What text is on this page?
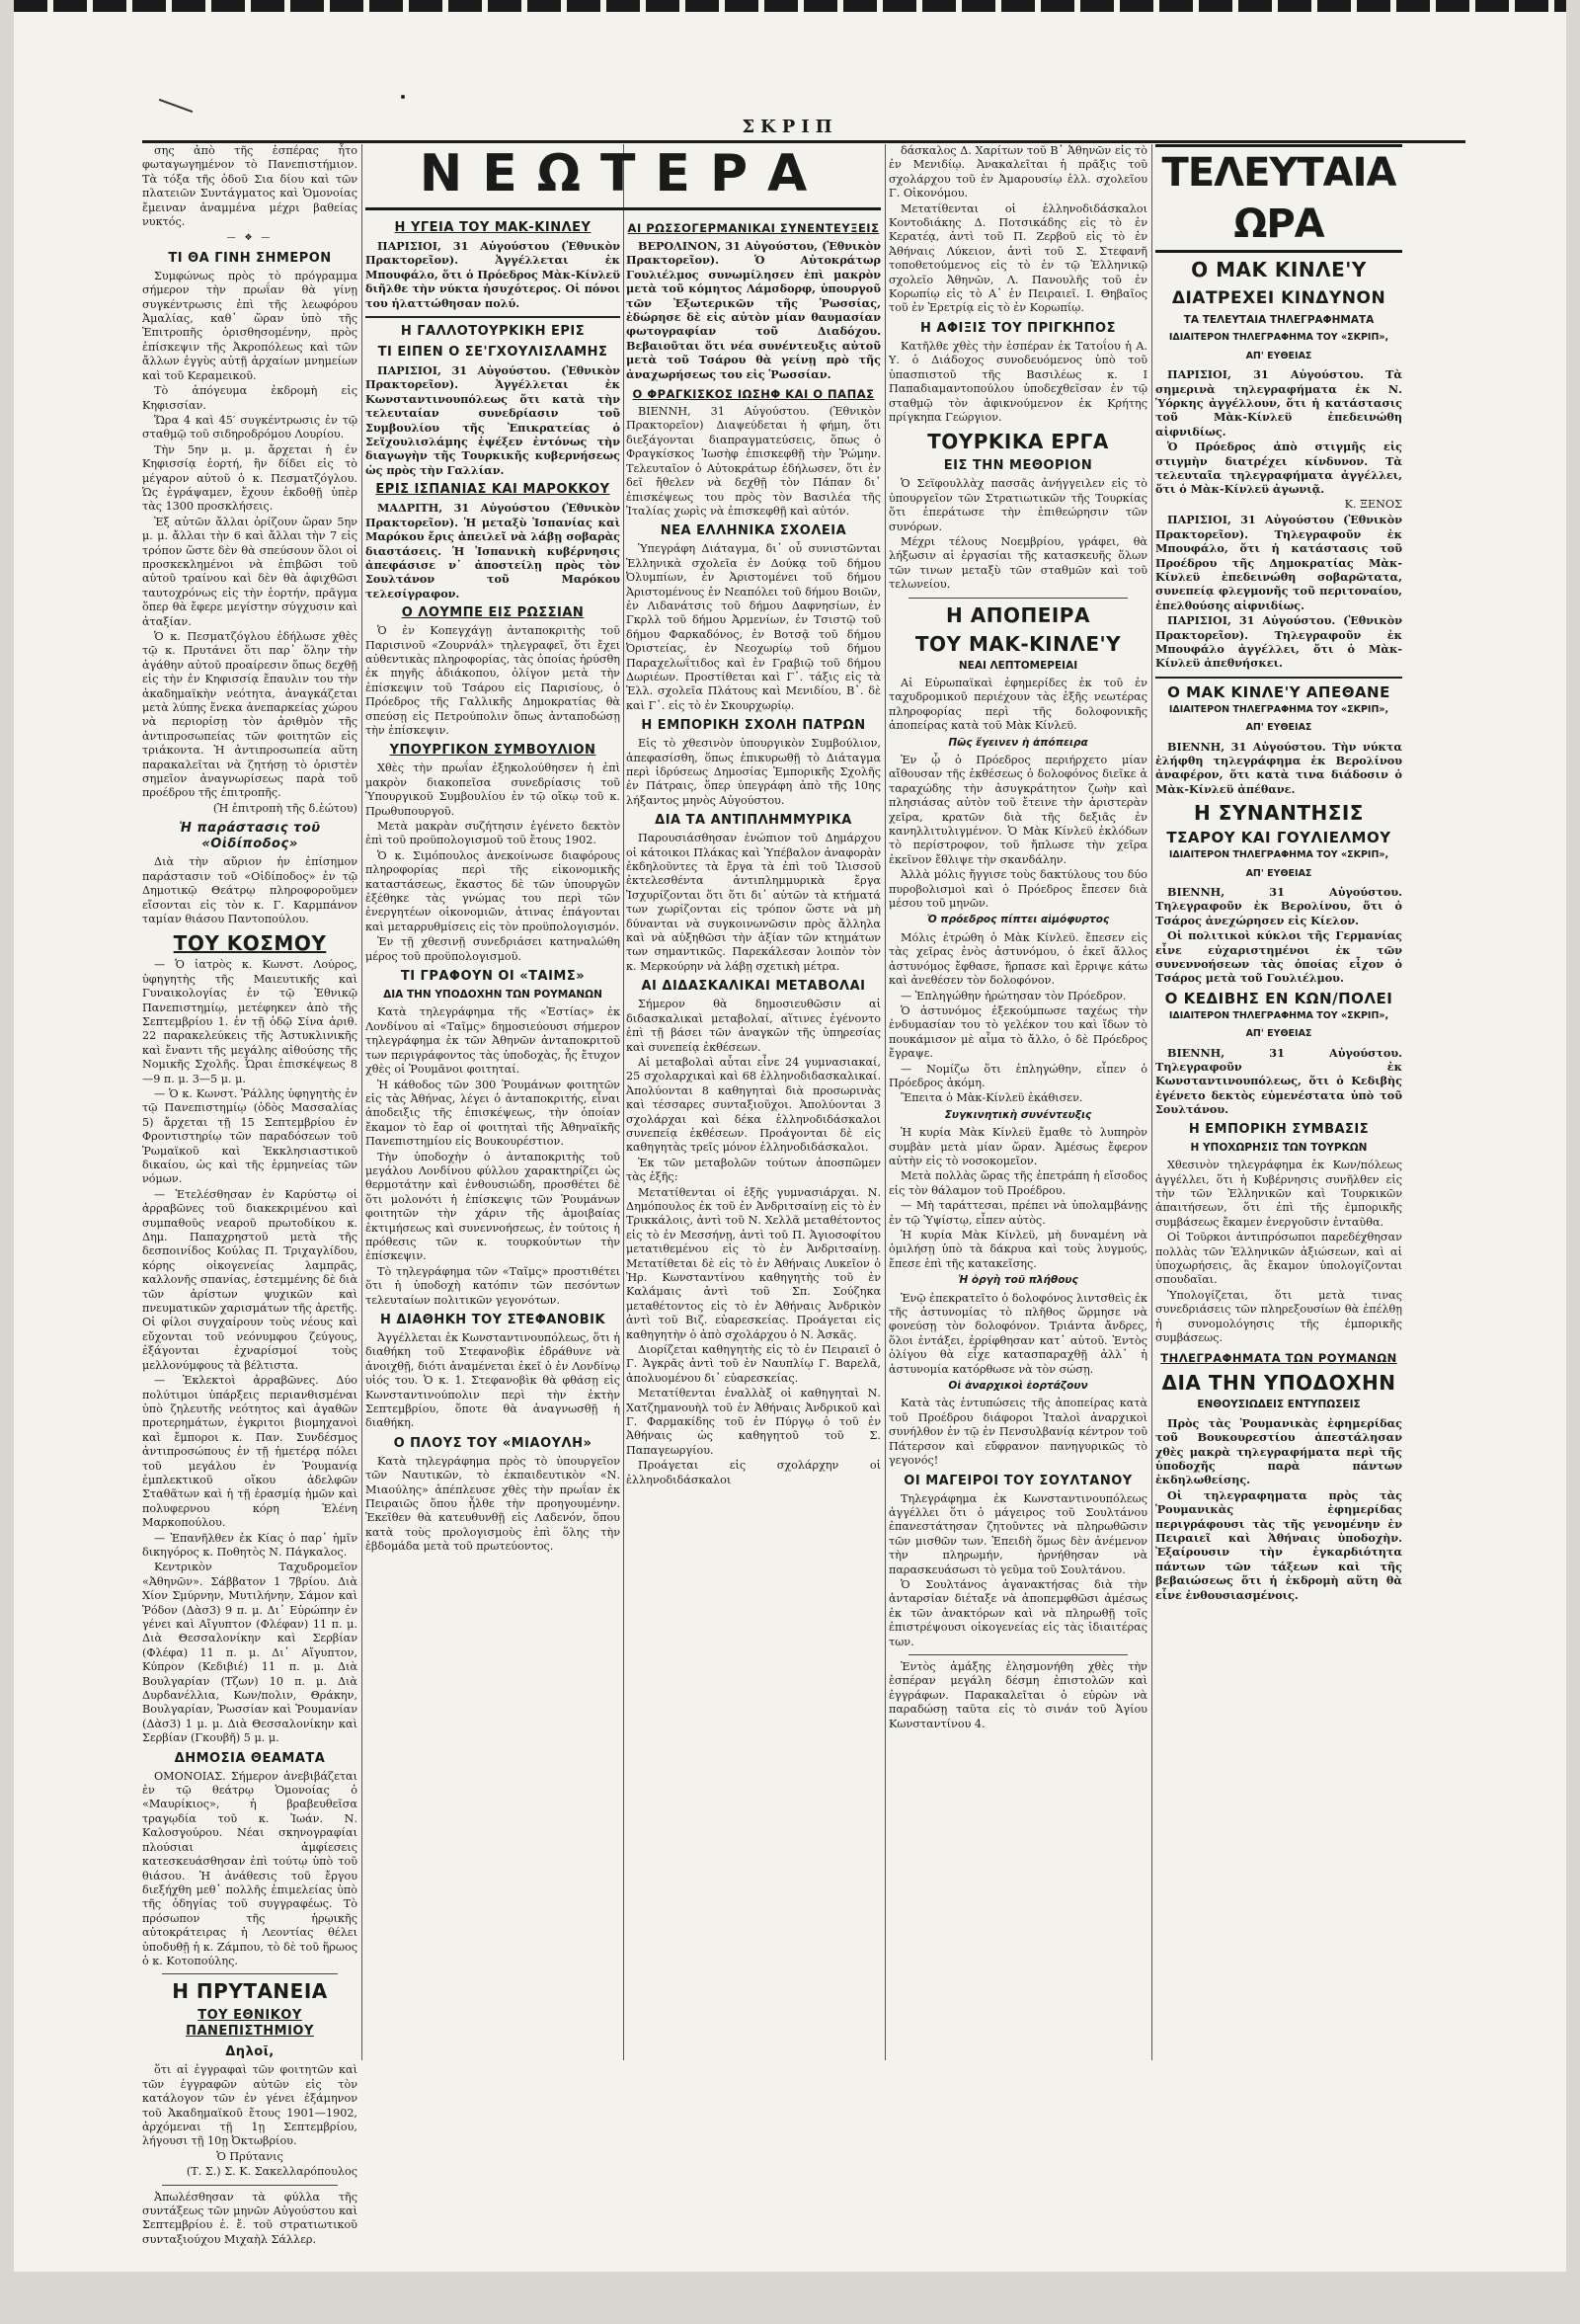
ΣΚΡΙΠ

σης ἀπὸ τῆς ἑσπέρας ἦτο φωταγωγημένον τὸ Πανεπιστήμιον. Τὰ τόξα τῆς ὁδοῦ Σια δίου καὶ τῶν πλατειῶν Συντάγματος καὶ Ὁμονοίας ἔμειναν ἀναμμένα μέχρι βαθείας νυκτός.

— ❖ —
ΤΙ ΘΑ ΓΙΝΗ ΣΗΜΕΡΟΝ

Συμφώνως πρὸς τὸ πρόγραμμα σήμερον τὴν πρωΐαν θὰ γίνῃ συγκέντρωσις ἐπὶ τῆς λεωφόρου Ἀμαλίας, καθ᾽ ὥραν ὑπὸ τῆς Ἐπιτροπῆς ὁρισθησομένην, πρὸς ἐπίσκεψιν τῆς Ἀκροπόλεως καὶ τῶν ἄλλων ἐγγὺς αὐτῇ ἀρχαίων μνημείων καὶ τοῦ Κεραμεικοῦ.

Τὸ ἀπόγευμα ἐκδρομὴ εἰς Κηφισσίαν.

Ὥρα 4 καὶ 45′ συγκέντρωσις ἐν τῷ σταθμῷ τοῦ σιδηροδρόμου Λουρίου.

Τὴν 5ην μ. μ. ἄρχεται ἡ ἐν Κηφισσίᾳ ἑορτή, ἣν δίδει εἰς τὸ μέγαρον αὐτοῦ ὁ κ. Πεσματζόγλου. Ὡς ἐγράψαμεν, ἔχουν ἐκδοθῇ ὑπὲρ τὰς 1300 προσκλήσεις.

Ἐξ αὐτῶν ἄλλαι ὁρίζουν ὥραν 5ην μ. μ. ἄλλαι τὴν 6 καὶ ἄλλαι τὴν 7 εἰς τρόπον ὥστε δὲν θὰ σπεύσουν ὅλοι οἱ προσκεκλημένοι νὰ ἐπιβῶσι τοῦ αὐτοῦ τραίνου καὶ δὲν θὰ ἀφιχθῶσι ταυτοχρόνως εἰς τὴν ἑορτήν, πρᾶγμα ὅπερ θὰ ἔφερε μεγίστην σύγχυσιν καὶ ἀταξίαν.

Ὁ κ. Πεσματζόγλου ἐδήλωσε χθὲς τῷ κ. Πρυτάνει ὅτι παρ᾽ ὅλην τὴν ἀγάθην αὐτοῦ προαίρεσιν ὅπως δεχθῇ εἰς τὴν ἐν Κηφισσίᾳ ἔπαυλιν του τὴν ἀκαδημαϊκὴν νεότητα, ἀναγκάζεται μετὰ λύπης ἕνεκα ἀνεπαρκείας χώρου νὰ περιορίσῃ τὸν ἀριθμὸν τῆς ἀντιπροσωπείας τῶν φοιτητῶν εἰς τριάκοντα. Ἡ ἀντιπροσωπεία αὕτη παρακαλεῖται νὰ ζητήσῃ τὸ ὁριστὲν σημεῖον ἀναγνωρίσεως παρὰ τοῦ προέδρου τῆς ἐπιτροπῆς.

(Ἡ ἐπιτροπὴ τῆς δ.ἑώτου)

Ἡ παράστασις τοῦ «Οἰδίποδος»

Διὰ τὴν αὔριον ἡν ἐπίσημον παράστασιν τοῦ «Οἰδίποδος» ἐν τῷ Δημοτικῷ Θεάτρῳ πληροφοροῦμεν εἴσονται εἰς τὸν κ. Γ. Καρμπάνον ταμίαν θιάσου Παντοπούλου.

ΤΟΥ ΚΟΣΜΟΥ

— Ὁ ἰατρὸς κ. Κωνστ. Λούρος, ὑφηγητὴς τῆς Μαιευτικῆς καὶ Γυναικολογίας ἐν τῷ Ἐθνικῷ Πανεπιστημίῳ, μετέφηκεν ἀπὸ τῆς Σεπτεμβρίου 1. ἐν τῇ ὁδῷ Σίνα ἀριθ. 22 παρακελεύκεις τῆς Ἀστυκλινικῆς καὶ ἔναντι τῆς μεγάλης αἰθούσης τῆς Νομικῆς Σχολῆς. Ὧραι ἐπισκέψεως 8—9 π. μ. 3—5 μ. μ.

— Ὁ κ. Κωνστ. Ῥάλλης ὑφηγητὴς ἐν τῷ Πανεπιστημίῳ (ὁδὸς Μασσαλίας 5) ἄρχεται τῇ 15 Σεπτεμβρίου ἐν Φροντιστηρίῳ τῶν παραδόσεων τοῦ Ῥωμαϊκοῦ καὶ Ἐκκλησιαστικοῦ δικαίου, ὡς καὶ τῆς ἑρμηνείας τῶν νόμων.

— Ἐτελέσθησαν ἐν Καρύστῳ οἱ ἀρραβῶνες τοῦ διακεκριμένου καὶ συμπαθοῦς νεαροῦ πρωτοδίκου κ. Δημ. Παπαχρηστοῦ μετὰ τῆς δεσποινίδος Κούλας Π. Τριχαγλίδου, κόρης οἰκογενείας λαμπρᾶς, καλλονῆς σπανίας, ἐστεμμένης δὲ διὰ τῶν ἀρίστων ψυχικῶν καὶ πνευματικῶν χαρισμάτων τῆς ἀρετῆς. Οἱ φίλοι συγχαίρουν τοὺς νέους καὶ εὔχονται τοῦ νεόνυμφου ζεύγους, ἐξάγονται ἐχναρίσμοί τοὺς μελλονύμφους τὰ βέλτιστα.

— Ἐκλεκτοὶ ἀρραβῶνες. Δύο πολύτιμοι ὑπάρξεις περιανθισμέναι ὑπὸ ζηλευτῆς νεότητος καὶ ἀγαθῶν προτερημάτων, ἐγκριτοι βιομηχανοὶ καὶ ἔμποροι κ. Παν. Συνδέσμος ἀντιπροσώπους ἐν τῇ ἡμετέρᾳ πόλει τοῦ μεγάλου ἐν Ῥουμανίᾳ ἐμπλεκτικοῦ οἴκου ἀδελφῶν Σταθᾶτων καὶ ἡ τῇ ἐρασμίᾳ ἡμῶν καὶ πολυφερνου κόρη Ἑλένη Μαρκοπούλου.

— Ἐπανῆλθεν ἐκ Κίας ὁ παρ᾽ ἡμῖν δικηγόρος κ. Ποθητὸς Ν. Πάγκαλος.

Κεντρικὸν Ταχυδρομεῖον «Ἀθηνῶν». Σάββατον 1 7βρίου. Διὰ Χίον Σμύρνην, Μυτιλήνην, Σάμον καὶ Ῥόδον (Δὰσ3) 9 π. μ. Δι᾽ Εὐρώπην ἐν γένει καὶ Αἴγυπτον (Φλέφαν) 11 π. μ. Διὰ Θεσσαλονίκην καὶ Σερβίαν (Φλέφα) 11 π. μ. Δι᾽ Αἴγυπτον, Κύπρον (Κεδιβιέ) 11 π. μ. Διὰ Βουλγαρίαν (Τζων) 10 π. μ. Διὰ Δυρδανέλλια, Κων/πολιν, Θράκην, Βουλγαρίαν, Ῥωσσίαν καὶ Ῥουμανίαν (Δὰσ3) 1 μ. μ. Διὰ Θεσσαλονίκην καὶ Σερβίαν (Γκουβῆ) 5 μ. μ.

ΔΗΜΟΣΙΑ ΘΕΑΜΑΤΑ

ΟΜΟΝΟΙΑΣ. Σήμερον ἀνεβιβάζεται ἐν τῷ θεάτρῳ Ὁμονοίας ὁ «Μαυρίκιος», ἡ βραβευθεῖσα τραγῳδία τοῦ κ. Ἰωάν. Ν. Καλοσγούρου. Νέαι σκηνογραφίαι πλούσιαι ἀμφίεσεις κατεσκευάσθησαν ἐπὶ τούτῳ ὑπὸ τοῦ θιάσου. Ἡ ἀνάθεσις τοῦ ἔργου διεξήχθη μεθ᾽ πολλῆς ἐπιμελείας ὑπὸ τῆς ὁδηγίας τοῦ συγγραφέως. Τὸ πρόσωπον τῆς ἡρῳικῆς αὐτοκράτειρας ἡ Λεοντίας θέλει ὑποδυθῇ ἡ κ. Ζάμπου, τὸ δὲ τοῦ ἥρωος ὁ κ. Κοτοπούλης.

Η ΠΡΥΤΑΝΕΙΑ
ΤΟΥ ΕΘΝΙΚΟΥ ΠΑΝΕΠΙΣΤΗΜΙΟΥ
Δηλοῖ,

ὅτι αἱ ἐγγραφαὶ τῶν φοιτητῶν καὶ τῶν ἐγγραφῶν αὐτῶν εἰς τὸν κατάλογον τῶν ἐν γένει ἐξάμηνον τοῦ Ἀκαδημαϊκοῦ ἔτους 1901—1902, ἀρχόμεναι τῇ 1ῃ Σεπτεμβρίου, λήγουσι τῇ 10ῃ Ὀκτωβρίου.

Ὁ Πρύτανις

(Τ. Σ.) Σ. Κ. Σακελλαρόπουλος

Ἀπωλέσθησαν τὰ φύλλα τῆς συντάξεως τῶν μηνῶν Αὐγούστου καὶ Σεπτεμβρίου ἐ. ἔ. τοῦ στρατιωτικοῦ συνταξιούχου Μιχαὴλ Σάλλερ.

ΝΕΩΤΕΡΑ
Η ΥΓΕΙΑ ΤΟΥ ΜΑΚ-ΚΙΝΛΕΥ

ΠΑΡΙΣΙΟΙ, 31 Αὐγούστου (Ἐθνικὸν Πρακτορεῖον). Ἀγγέλλεται ἐκ Μπουφάλο, ὅτι ὁ Πρόεδρος Μὰκ-Κίνλεϋ διῆλθε τὴν νύκτα ἡσυχότερος. Οἱ πόνοι του ἠλαττώθησαν πολύ.

Η ΓΑΛΛΟΤΟΥΡΚΙΚΗ ΕΡΙΣ
ΤΙ ΕΙΠΕΝ Ο ΣΕ'ΓΧΟΥΛΙΣΛΑΜΗΣ

ΠΑΡΙΣΙΟΙ, 31 Αὐγούστου. (Ἐθνικὸν Πρακτορεῖον). Ἀγγέλλεται ἐκ Κωνσταντινουπόλεως ὅτι κατὰ τὴν τελευταίαν συνεδρίασιν τοῦ Συμβουλίου τῆς Ἐπικρατείας ὁ Σεϊχουλισλάμης ἐψέξεν ἐντόνως τὴν διαγωγὴν τῆς Τουρκικῆς κυβερνήσεως ὡς πρὸς τὴν Γαλλίαν.

ΕΡΙΣ ΙΣΠΑΝΙΑΣ ΚΑΙ ΜΑΡΟΚΚΟΥ

ΜΑΔΡΙΤΗ, 31 Αὐγούστου (Ἐθνικὸν Πρακτορεῖον). Ἡ μεταξὺ Ἱσπανίας καὶ Μαρόκου ἔρις ἀπειλεῖ νὰ λάβῃ σοβαρὰς διαστάσεις. Ἡ Ἱσπανικὴ κυβέρνησις ἀπεφάσισε ν᾽ ἀποστείλῃ πρὸς τὸν Σουλτάνον τοῦ Μαρόκου τελεσίγραφον.

Ο ΛΟΥΜΠΕ ΕΙΣ ΡΩΣΣΙΑΝ

Ὁ ἐν Κοπεγχάγῃ ἀνταποκριτὴς τοῦ Παρισινοῦ «Ζουρνάλ» τηλεγραφεῖ, ὅτι ἔχει αὐθεντικὰς πληροφορίας, τὰς ὁποίας ἠρύσθη ἐκ πηγῆς ἀδιάκοπου, ὀλίγον μετὰ τὴν ἐπίσκεψιν τοῦ Τσάρου εἰς Παρισίους, ὁ Πρόεδρος τῆς Γαλλικῆς Δημοκρατίας θὰ σπεύσῃ εἰς Πετρούπολιν ὅπως ἀνταποδώσῃ τὴν ἐπίσκεψιν.

ΥΠΟΥΡΓΙΚΟΝ ΣΥΜΒΟΥΛΙΟΝ

Χθὲς τὴν πρωΐαν ἐξηκολούθησεν ἡ ἐπὶ μακρὸν διακοπεῖσα συνεδρίασις τοῦ Ὑπουργικοῦ Συμβουλίου ἐν τῷ οἴκῳ τοῦ κ. Πρωθυπουργοῦ.

Μετὰ μακρὰν συζήτησιν ἐγένετο δεκτὸν ἐπὶ τοῦ προϋπολογισμοῦ τοῦ ἔτους 1902.

Ὁ κ. Σιμόπουλος ἀνεκοίνωσε διαφόρους πληροφορίας περὶ τῆς εἰκονομικῆς καταστάσεως, ἕκαστος δὲ τῶν ὑπουργῶν ἐξέθηκε τὰς γνώμας του περὶ τῶν ἐνεργητέων οἰκονομιῶν, ἀτινας ἐπάγονται καὶ μεταρρυθμίσεις εἰς τὸν προϋπολογισμόν.

Ἐν τῇ χθεσινῇ συνεδριάσει κατηναλώθη μέρος τοῦ προϋπολογισμοῦ.

ΤΙ ΓΡΑΦΟΥΝ ΟΙ «ΤΑΙΜΣ»
ΔΙΑ ΤΗΝ ΥΠΟΔΟΧΗΝ ΤΩΝ ΡΟΥΜΑΝΩΝ

Κατὰ τηλεγράφημα τῆς «Ἑστίας» ἐκ Λονδίνου αἱ «Ταῖμς» δημοσιεύουσι σήμερον τηλεγράφημα ἐκ τῶν Ἀθηνῶν ἀνταποκριτοῦ των περιγράφοντος τὰς ὑποδοχὰς, ἧς ἔτυχον χθὲς οἱ Ῥουμᾶνοι φοιτηταί.

Ἡ κάθοδος τῶν 300 Ῥουμάνων φοιτητῶν εἰς τὰς Ἀθήνας, λέγει ὁ ἀνταποκριτής, εἶναι ἀποδειξις τῆς ἐπισκέψεως, τὴν ὁποίαν ἔκαμον τὸ ἔαρ οἱ φοιτηταὶ τῆς Ἀθηναϊκῆς Πανεπιστημίου εἰς Βουκουρέστιον.

Τὴν ὑποδοχὴν ὁ ἀνταποκριτὴς τοῦ μεγάλου Λονδίνου φύλλου χαρακτηρίζει ὡς θερμοτάτην καὶ ἐνθουσιώδη, προσθέτει δὲ ὅτι μολονότι ἡ ἐπίσκεψις τῶν Ῥουμάνων φοιτητῶν τὴν χάριν τῆς ἀμοιβαίας ἐκτιμήσεως καὶ συνεννοήσεως, ἐν τούτοις ἡ πρόθεσις τῶν κ. τουρκούντων τὴν ἐπίσκεψιν.

Τὸ τηλεγράφημα τῶν «Ταῖμς» προστιθέτει ὅτι ἡ ὑποδοχὴ κατόπιν τῶν πεσόντων τελευταίων πολιτικῶν γεγονότων.

Η ΔΙΑΘΗΚΗ ΤΟΥ ΣΤΕΦΑΝΟΒΙΚ

Ἀγγέλλεται ἐκ Κωνσταντινουπόλεως, ὅτι ἡ διαθήκη τοῦ Στεφανοβὶκ ἐδράθυνε νὰ ἀνοιχθῇ, διότι ἀναμένεται ἐκεῖ ὁ ἐν Λονδίνῳ υἱός του. Ὁ κ. 1. Στεφανοβὶκ θὰ φθάσῃ εἰς Κωνσταντινούπολιν περὶ τὴν ἐκτὴν Σεπτεμβρίου, ὅποτε θὰ ἀναγνωσθῇ ἡ διαθήκη.

Ο ΠΛΟΥΣ ΤΟΥ «ΜΙΑΟΥΛΗ»

Κατὰ τηλεγράφημα πρὸς τὸ ὑπουργεῖον τῶν Ναυτικῶν, τὸ ἐκπαιδευτικὸν «Ν. Μιαούλης» ἀπέπλευσε χθὲς τὴν πρωΐαν ἐκ Πειραιῶς ὅπου ἦλθε τὴν προηγουμένην. Ἐκεῖθεν θὰ κατευθυνθῇ εἰς Λαδενόν, ὅπου κατὰ τοὺς προλογισμοὺς ἐπὶ ὅλης τὴν ἑβδομάδα μετὰ τοῦ πρωτεύοντος.

ΑΙ ΡΩΣΣΟΓΕΡΜΑΝΙΚΑΙ ΣΥΝΕΝΤΕΥΞΕΙΣ

ΒΕΡΟΛΙΝΟΝ, 31 Αὐγούστου, (Ἐθνικὸν Πρακτορεῖον). Ὁ Αὐτοκράτωρ Γουλιέλμος συνωμίλησεν ἐπὶ μακρὸν μετὰ τοῦ κόμητος Λάμσδορφ, ὑπουργοῦ τῶν Ἐξωτερικῶν τῆς Ῥωσσίας, ἐδώρησε δὲ εἰς αὐτὸν μίαν θαυμασίαν φωτογραφίαν τοῦ Διαδόχου. Βεβαιοῦται ὅτι νέα συνέντευξις αὐτοῦ μετὰ τοῦ Τσάρου θὰ γείνῃ πρὸ τῆς ἀναχωρήσεως του εἰς Ῥωσσίαν.

Ο ΦΡΑΓΚΙΣΚΟΣ ΙΩΣΗΦ ΚΑΙ Ο ΠΑΠΑΣ

ΒΙΕΝΝΗ, 31 Αὐγούστου. (Ἐθνικὸν Πρακτορεῖον) Διαψεύδεται ἡ φήμη, ὅτι διεξάγονται διαπραγματεύσεις, ὅπως ὁ Φραγκίσκος Ἰωσὴφ ἐπισκεφθῇ τὴν Ῥώμην. Τελευταῖον ὁ Αὐτοκράτωρ ἐδήλωσεν, ὅτι ἐν δεῖ ἤθελεν νὰ δεχθῇ τὸν Πάπαν δι᾽ ἐπισκέψεως του πρὸς τὸν Βασιλέα τῆς Ἰταλίας χωρὶς νὰ ἐπισκεφθῇ καὶ αὐτόν.

ΝΕΑ ΕΛΛΗΝΙΚΑ ΣΧΟΛΕΙΑ

Ὑπεγράφη Διάταγμα, δι᾽ οὗ συνιστῶνται Ἑλληνικὰ σχολεῖα ἐν Δούκᾳ τοῦ δήμου Ὀλυμπίων, ἐν Ἀριστομένει τοῦ δήμου Ἀριστομένους ἐν Νεαπόλει τοῦ δήμου Βοιῶν, ἐν Λιδανάτσις τοῦ δήμου Δαφνησίων, ἐν Γκρλλ τοῦ δήμου Ἀρμενίων, ἐν Τσιστῷ τοῦ δήμου Φαρκαδόνος, ἐν Βοτσᾷ τοῦ δήμου Ὀριστείας, ἐν Νεοχωρίῳ τοῦ δήμου Παραχελωΐτιδος καὶ ἐν Γραβιῷ τοῦ δήμου Δωριέων. Προστίθεται καὶ Γ᾽. τάξις εἰς τὰ Ἑλλ. σχολεῖα Πλάτους καὶ Μενιδίου, Β᾽. δὲ καὶ Γ᾽. εἰς τὸ ἐν Σκουρχωρίῳ.

Η ΕΜΠΟΡΙΚΗ ΣΧΟΛΗ ΠΑΤΡΩΝ

Εἰς τὸ χθεσινὸν ὑπουργικὸν Συμβούλιον, ἀπεφασίσθη, ὅπως ἐπικυρωθῇ τὸ Διάταγμα περὶ ἱδρύσεως Δημοσίας Ἐμπορικῆς Σχολῆς ἐν Πάτραις, ὅπερ ὑπεγράφη ἀπὸ τῆς 10ης λήξαντος μηνὸς Αὐγούστου.

ΔΙΑ ΤΑ ΑΝΤΙΠΛΗΜΜΥΡΙΚΑ

Παρουσιάσθησαν ἐνώπιον τοῦ Δημάρχου οἱ κάτοικοι Πλάκας καὶ Ὑπέβαλον ἀναφορὰν ἐκδηλοῦντες τὰ ἔργα τὰ ἐπὶ τοῦ Ἰλισσοῦ ἐκτελεσθέντα ἀντιπλημμυρικὰ ἔργα Ἰσχυρίζονται ὅτι ὅτι δι᾽ αὐτῶν τὰ κτήματά των χωρίζονται εἰς τρόπον ὥστε νὰ μὴ δύνανται νὰ συγκοινωνῶσιν πρὸς ἄλληλα καὶ νὰ αὐξηθῶσι τὴν ἀξίαν τῶν κτημάτων των σημαντικῶς. Παρεκάλεσαν λοιπὸν τὸν κ. Μερκούρην νὰ λάβῃ σχετικὴ μέτρα.

ΑΙ ΔΙΔΑΣΚΑΛΙΚΑΙ ΜΕΤΑΒΟΛΑΙ

Σήμερον θὰ δημοσιευθῶσιν αἱ διδασκαλικαὶ μεταβολαί, αἵτινες ἐγένοντο ἐπὶ τῇ βάσει τῶν ἀναγκῶν τῆς ὑπηρεσίας καὶ συνεπείᾳ ἐκθέσεων.

Αἱ μεταβολαὶ αὗται εἶνε 24 γυμνασιακαί, 25 σχολαρχικαὶ καὶ 68 ἑλληνοδιδασκαλικαί. Ἀπολύονται 8 καθηγηταὶ διὰ προσωρινὰς καὶ τέσσαρες συνταξιοῦχοι. Ἀπολύονται 3 σχολάρχαι καὶ δέκα ἑλληνοδιδάσκαλοι συνεπείᾳ ἐκθέσεων. Προάγονται δὲ εἰς καθηγητὰς τρεῖς μόνον ἑλληνοδιδάσκαλοι.

Ἐκ τῶν μεταβολῶν τούτων ἀποσπῶμεν τὰς ἑξῆς:

Μετατίθενται οἱ ἑξῆς γυμνασιάρχαι. Ν. Δημόπουλος ἐκ τοῦ ἐν Ἀνδριτσαίνῃ εἰς τὸ ἐν Τρικκάλοις, ἀντὶ τοῦ Ν. Χελλᾶ μεταθέτοντος εἰς τὸ ἐν Μεσσήνῃ, ἀντὶ τοῦ Π. Ἀγιοσοφίτου μετατιθεμένου εἰς τὸ ἐν Ἀνδριτσαίνῃ. Μετατίθεται δὲ εἰς τὸ ἐν Ἀθήναις Λυκεῖον ὁ Ἠρ. Κωνσταντίνου καθηγητὴς τοῦ ἐν Καλάμαις ἀντὶ τοῦ Σπ. Σούζηκα μεταθέτοντος εἰς τὸ ἐν Ἀθήναις Ἀνδρικὸν ἀντὶ τοῦ Βιζ. εὐαρεσκείας. Προάγεται εἰς καθηγητὴν ὁ ἀπὸ σχολάρχου ὁ Ν. Ἀσκᾶς.

Διορίζεται καθηγητὴς εἰς τὸ ἐν Πειραιεῖ ὁ Γ. Ἀγκρᾶς ἀντὶ τοῦ ἐν Ναυπλίῳ Γ. Βαρελᾶ, ἀπολυομένου δι᾽ εὐαρεσκείας.

Μετατίθενται ἐναλλὰξ οἱ καθηγηταὶ Ν. Χατζημανουὴλ τοῦ ἐν Ἀθήναις Ἀνδρικοῦ καὶ Γ. Φαρμακίδης τοῦ ἐν Πύργῳ ὁ τοῦ ἐν Ἀθήναις ὡς καθηγητοῦ τοῦ Σ. Παπαγεωργίου.

Προάγεται εἰς σχολάρχην οἱ ἑλληνοδιδάσκαλοι

δάσκαλος Δ. Χαρίτων τοῦ Β᾽ Ἀθηνῶν εἰς τὸ ἐν Μενιδίῳ. Ἀνακαλεῖται ἡ πρᾶξις τοῦ σχολάρχου τοῦ ἐν Ἀμαρουσίῳ ἑλλ. σχολεῖου Γ. Οἰκονόμου.

Μετατίθενται οἱ ἑλληνοδιδάσκαλοι Κοντοδιάκης Δ. Ποτσικάδης εἰς τὸ ἐν Κερατέᾳ, ἀντὶ τοῦ Π. Ζερβοῦ εἰς τὸ ἐν Ἀθήναις Λύκειον, ἀντὶ τοῦ Σ. Στεφανῆ τοποθετούμενος εἰς τὸ ἐν τῷ Ἑλληνικῷ σχολεῖο Ἀθηνῶν, Λ. Πανουλῆς τοῦ ἐν Κορωπίῳ εἰς τὸ Α᾽ ἐν Πειραιεῖ. Ι. Θηβαῖος τοῦ ἐν Ἐρετρίᾳ εἰς τὸ ἐν Κορωπίῳ.

Η ΑΦΙΞΙΣ ΤΟΥ ΠΡΙΓΚΗΠΟΣ

Κατῆλθε χθὲς τὴν ἑσπέραν ἐκ Τατοΐου ἡ Α. Υ. ὁ Διάδοχος συνοδευόμενος ὑπὸ τοῦ ὑπασπιστοῦ τῆς Βασιλέως κ. Ι Παπαδιαμαντοπούλου ὑποδεχθεῖσαν ἐν τῷ σταθμῷ τὸν ἀφικνούμενον ἐκ Κρήτης πρίγκηπα Γεώργιον.

ΤΟΥΡΚΙΚΑ ΕΡΓΑ
ΕΙΣ ΤΗΝ ΜΕΘΟΡΙΟΝ

Ὁ Σεϊφουλλὰχ πασσᾶς ἀνήγγειλεν εἰς τὸ ὑπουργεῖον τῶν Στρατιωτικῶν τῆς Τουρκίας ὅτι ἐπεράτωσε τὴν ἐπιθεώρησιν τῶν συνόρων.

Μέχρι τέλους Νοεμβρίου, γράφει, θὰ λήξωσιν αἱ ἐργασίαι τῆς κατασκευῆς ὅλων τῶν τινων μεταξὺ τῶν σταθμῶν καὶ τοῦ τελωνείου.

Η ΑΠΟΠΕΙΡΑ
ΤΟΥ ΜΑΚ-ΚΙΝΛΕ'Υ
ΝΕΑΙ ΛΕΠΤΟΜΕΡΕΙΑΙ

Αἱ Εὐρωπαϊκαὶ ἐφημερίδες ἐκ τοῦ ἐν ταχυδρομικοῦ περιέχουν τὰς ἑξῆς νεωτέρας πληροφορίας περὶ τῆς δολοφονικῆς ἀποπείρας κατὰ τοῦ Μὰκ Κίνλεϋ.

Πῶς ἔγεινεν ἡ ἀπόπειρα

Ἐν ᾧ ὁ Πρόεδρος περιήρχετο μίαν αἴθουσαν τῆς ἐκθέσεως ὁ δολοφόνος διεῖκε ἀ ταραχώδης τὴν ἀσυγκράτητον ζωὴν καὶ πλησιάσας αὐτὸν τοῦ ἔτεινε τὴν ἀριστερὰν χεῖρα, κρατῶν διὰ τῆς δεξιᾶς ἐν κανηλλιτυλιγμένον. Ὁ Μὰκ Κίνλεϋ ἐκλόδων τὸ περίστροφον, τοῦ ἤπλωσε τὴν χεῖρα ἐκεῖνον ἔθλιψε τὴν σκανδάλην.

Ἀλλὰ μόλις ἤγγισε τοὺς δακτύλους του δύο πυροβολισμοὶ καὶ ὁ Πρόεδρος ἔπεσεν διὰ μέσου τοῦ μηνῶν.

Ὁ πρόεδρος πίπτει αἱμόφυρτος

Μόλις ἐτρώθη ὁ Μὰκ Κίνλεϋ. ἔπεσεν εἰς τὰς χεῖρας ἑνὸς ἀστυνόμου, ὁ ἐκεῖ ἄλλος ἀστυνόμος ἔφθασε, ἥρπασε καὶ ἔρριψε κάτω καὶ ἀνεθέσεν τὸν δολοφόνον.

— Ἐπληγώθην ἠρώτησαν τὸν Πρόεδρον.

Ὁ ἀστυνόμος ἐξεκούμπωσε ταχέως τὴν ἐνδυμασίαν του τὸ γελέκον του καὶ ἴδων τὸ πουκάμισον μὲ αἷμα τὸ ἄλλο, ὁ δὲ Πρόεδρος ἔγραψε.

— Νομίζω ὅτι ἐπληγώθην, εἶπεν ὁ Πρόεδρος ἀκόμη.

Ἔπειτα ὁ Μὰκ-Κίνλεϋ ἐκάθισεν.

Συγκινητικὴ συνέντευξις

Ἡ κυρία Μὰκ Κίνλεϋ ἔμαθε τὸ λυπηρὸν συμβὰν μετὰ μίαν ὥραν. Ἀμέσως ἔφερον αὐτὴν εἰς τὸ νοσοκομεῖον.

Μετὰ πολλὰς ὥρας τῆς ἐπετράπη ἡ εἴσοδος εἰς τὸν θάλαμον τοῦ Προέδρου.

— Μὴ ταράττεσαι, πρέπει νὰ ὑπολαμβάνῃς ἐν τῷ Ὑψίστῳ, εἶπεν αὐτὸς.

Ἡ κυρία Μὰκ Κίνλεϋ, μὴ δυναμένη νὰ ὁμιλήσῃ ὑπὸ τὰ δάκρυα καὶ τοὺς λυγμούς, ἔπεσε ἐπὶ τῆς κατακεῖσης.

Ἡ ὀργὴ τοῦ πλήθους

Ἐνῷ ἐπεκρατεῖτο ὁ δολοφόνος λιντσθεὶς ἐκ τῆς ἀστυνομίας τὸ πλῆθος ὥρμησε νὰ φονεύσῃ τὸν δολοφόνον. Τριάντα ἄνδρες, ὅλοι ἐντάξει, ἐρρίφθησαν κατ᾽ αὐτοῦ. Ἐντὸς ὀλίγου θὰ εἶχε κατασπαραχθῇ ἀλλ᾽ ἡ ἀστυνομία κατόρθωσε νὰ τὸν σώσῃ.

Οἱ ἀναρχικοὶ ἑορτάζουν

Κατὰ τὰς ἐντυπώσεις τῆς ἀποπείρας κατὰ τοῦ Προέδρου διάφοροι Ἰταλοὶ ἀναρχικοὶ συνήλθον ἐν τῷ ἐν Πενσυλβανίᾳ κέντρον τοῦ Πάτερσον καὶ εὔφρανον πανηγυρικῶς τὸ γεγονός!

ΟΙ ΜΑΓΕΙΡΟΙ ΤΟΥ ΣΟΥΛΤΑΝΟΥ

Τηλεγράφημα ἐκ Κωνσταντινουπόλεως ἀγγέλλει ὅτι ὁ μάγειρος τοῦ Σουλτάνου ἐπανεστάτησαν ζητοῦντες νὰ πληρωθῶσιν τῶν μισθῶν των. Ἐπειδὴ ὅμως δὲν ἀνέμενον τὴν πληρωμήν, ἠρνήθησαν νὰ παρασκευάσωσι τὸ γεῦμα τοῦ Σουλτάνου.

Ὁ Σουλτάνος ἀγανακτήσας διὰ τὴν ἀνταρσίαν διέταξε νὰ ἀποπεμφθῶσι ἀμέσως ἐκ τῶν ἀνακτόρων καὶ νὰ πληρωθῇ τοῖς ἐπιστρέψουσι οἰκογενείας εἰς τὰς ἰδιαιτέρας των.

Ἐντὸς ἀμάξης ἐλησμονήθη χθὲς τὴν ἑσπέραν μεγάλη δέσμη ἐπιστολῶν καὶ ἐγγράφων. Παρακαλεῖται ὁ εὑρὼν νὰ παραδώσῃ ταῦτα εἰς τὸ σινάν τοῦ Ἀγίου Κωνσταντίνου 4.

ΤΕΛΕΥΤΑΙΑ ΩΡΑ
Ο ΜΑΚ ΚΙΝΛΕ'Υ
ΔΙΑΤΡΕΧΕΙ ΚΙΝΔΥΝΟΝ
ΤΑ ΤΕΛΕΥΤΑΙΑ ΤΗΛΕΓΡΑΦΗΜΑΤΑ
ΙΔΙΑΙΤΕΡΟΝ ΤΗΛΕΓΡΑΦΗΜΑ ΤΟΥ «ΣΚΡΙΠ»,
ΑΠ' ΕΥΘΕΙΑΣ

ΠΑΡΙΣΙΟΙ, 31 Αὐγούστου. Τὰ σημερινὰ τηλεγραφήματα ἐκ Ν. Ὑόρκης ἀγγέλλουν, ὅτι ἡ κατάστασις τοῦ Μὰκ-Κίνλεϋ ἐπεδεινώθη αἰφνιδίως.

Ὁ Πρόεδρος ἀπὸ στιγμῆς εἰς στιγμὴν διατρέχει κίνδυνον. Τὰ τελευταῖα τηλεγραφήματα ἀγγέλλει, ὅτι ὁ Μὰκ-Κίνλεϋ ἀγωνιᾷ.

Κ. ΞΕΝΟΣ

ΠΑΡΙΣΙΟΙ, 31 Αὐγούστου (Ἐθνικὸν Πρακτορεῖον). Τηλεγραφοῦν ἐκ Μπουφάλο, ὅτι ἡ κατάστασις τοῦ Προέδρου τῆς Δημοκρατίας Μὰκ-Κίνλεϋ ἐπεδεινώθη σοβαρῶτατα, συνεπείᾳ φλεγμονῆς τοῦ περιτοναίου, ἐπελθούσης αἰφνιδίως.

ΠΑΡΙΣΙΟΙ, 31 Αὐγούστου. (Ἐθνικὸν Πρακτορεῖον). Τηλεγραφοῦν ἐκ Μπουφάλο ἀγγέλλει, ὅτι ὁ Μὰκ-Κίνλεϋ ἀπεθνήσκει.

Ο ΜΑΚ ΚΙΝΛΕ'Υ ΑΠΕΘΑΝΕ
ΙΔΙΑΙΤΕΡΟΝ ΤΗΛΕΓΡΑΦΗΜΑ ΤΟΥ «ΣΚΡΙΠ»,
ΑΠ' ΕΥΘΕΙΑΣ

ΒΙΕΝΝΗ, 31 Αὐγούστου. Τὴν νύκτα ἐλήφθη τηλεγράφημα ἐκ Βερολίνου ἀναφέρον, ὅτι κατὰ τινα διάδοσιν ὁ Μὰκ-Κίνλεϋ ἀπέθανε.

Η ΣΥΝΑΝΤΗΣΙΣ
ΤΣΑΡΟΥ ΚΑΙ ΓΟΥΛΙΕΛΜΟΥ
ΙΔΙΑΙΤΕΡΟΝ ΤΗΛΕΓΡΑΦΗΜΑ ΤΟΥ «ΣΚΡΙΠ»,
ΑΠ' ΕΥΘΕΙΑΣ

ΒΙΕΝΝΗ, 31 Αὐγούστου. Τηλεγραφοῦν ἐκ Βερολίνου, ὅτι ὁ Τσάρος ἀνεχώρησεν εἰς Κίελον.

Οἱ πολιτικοὶ κύκλοι τῆς Γερμανίας εἶνε εὐχαριστημένοι ἐκ τῶν συνεννοήσεων τὰς ὁποίας εἶχον ὁ Τσάρος μετὰ τοῦ Γουλιέλμου.

Ο ΚΕΔΙΒΗΣ ΕΝ ΚΩΝ/ΠΟΛΕΙ
ΙΔΙΑΙΤΕΡΟΝ ΤΗΛΕΓΡΑΦΗΜΑ ΤΟΥ «ΣΚΡΙΠ»,
ΑΠ' ΕΥΘΕΙΑΣ

ΒΙΕΝΝΗ, 31 Αὐγούστου. Τηλεγραφοῦν ἐκ Κωνσταντινουπόλεως, ὅτι ὁ Κεδιβὴς ἐγένετο δεκτὸς εὐμενέστατα ὑπὸ τοῦ Σουλτάνου.

Η ΕΜΠΟΡΙΚΗ ΣΥΜΒΑΣΙΣ
Η ΥΠΟΧΩΡΗΣΙΣ ΤΩΝ ΤΟΥΡΚΩΝ

Χθεσινὸν τηλεγράφημα ἐκ Κων/πόλεως ἀγγέλλει, ὅτι ἡ Κυβέρνησις συνῆλθεν εἰς τὴν τῶν Ἑλληνικῶν καὶ Τουρκικῶν ἀπαιτήσεων, ὅτι ἐπὶ τῆς ἐμπορικῆς συμβάσεως ἔκαμεν ἐνεργοῦσιν ἐνταῦθα.

Οἱ Τοῦρκοι ἀντιπρόσωποι παρεδέχθησαν πολλὰς τῶν Ἑλληνικῶν ἀξιώσεων, καὶ αἱ ὑποχωρήσεις, ἃς ἔκαμον ὑπολογίζονται σπουδαῖαι.

Ὑπολογίζεται, ὅτι μετὰ τινας συνεδριάσεις τῶν πληρεξουσίων θὰ ἐπέλθῃ ἡ συνομολόγησις τῆς ἐμπορικῆς συμβάσεως.

ΤΗΛΕΓΡΑΦΗΜΑΤΑ ΤΩΝ ΡΟΥΜΑΝΩΝ
ΔΙΑ ΤΗΝ ΥΠΟΔΟΧΗΝ
ΕΝΘΟΥΣΙΩΔΕΙΣ ΕΝΤΥΠΩΣΕΙΣ

Πρὸς τὰς Ῥουμανικὰς ἐφημερίδας τοῦ Βουκουρεστίου ἀπεστάλησαν χθὲς μακρὰ τηλεγραφήματα περὶ τῆς ὑποδοχῆς παρὰ πάντων ἐκδηλωθείσης.

Οἱ τηλεγραφηματα πρὸς τὰς Ῥουμανικὰς ἐφημερίδας περιγράφουσι τὰς τῆς γενομένην ἐν Πειραιεῖ καὶ Ἀθήναις ὑποδοχὴν. Ἐξαίρουσιν τὴν ἐγκαρδιότητα πάντων τῶν τάξεων καὶ τῆς βεβαιώσεως ὅτι ἡ ἐκδρομὴ αὕτη θὰ εἶνε ἐνθουσιασμένοις.
